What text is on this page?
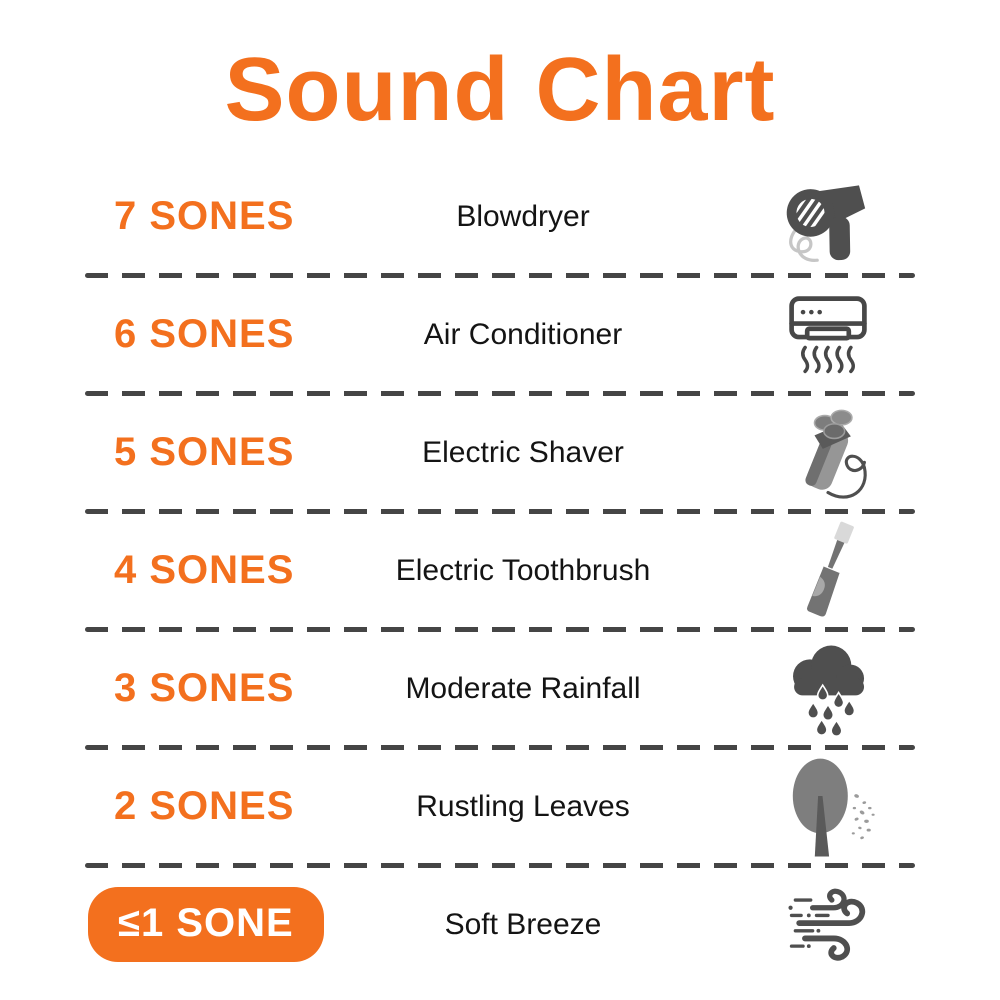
Sound Chart
7 SONES	Blowdryer
6 SONES	Air Conditioner
5 SONES	Electric Shaver
4 SONES	Electric Toothbrush
3 SONES	Moderate Rainfall
2 SONES	Rustling Leaves
≤1 SONE	Soft Breeze
